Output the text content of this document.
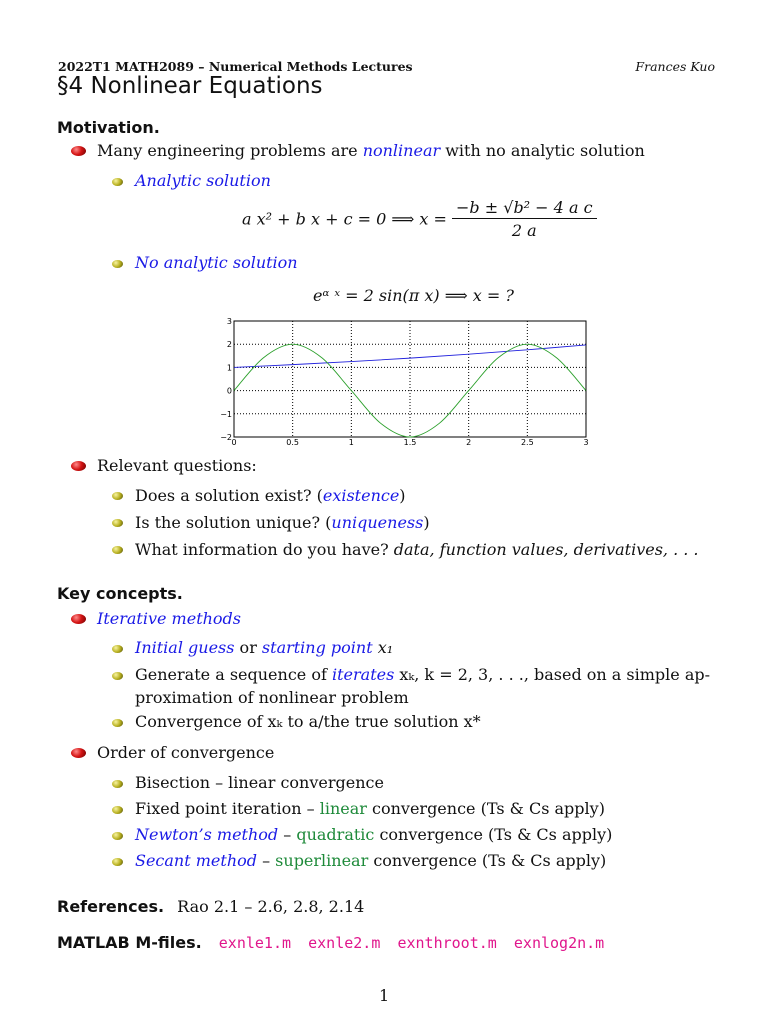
2022T1 MATH2089 – Numerical Methods Lectures	Frances Kuo
§4 Nonlinear Equations
Motivation.
Many engineering problems are nonlinear with no analytic solution
Analytic solution
a x² + b x + c = 0 ⟹ $x = \frac{\text{−b ± √b² − 4 a c}}{2 a}$
No analytic solution
eᵅ ˣ = 2 sin(π x) ⟹ x = ?
0	0.5	1	1.5	2	2.5	3
3
2
1
0
−1
−2
Relevant questions:
Does a solution exist? (existence)
Is the solution unique? (uniqueness)
What information do you have? data, function values, derivatives, . . .
Key concepts.
Iterative methods
Initial guess or starting point x₁
Generate a sequence of iterates xₖ, k = 2, 3, . . ., based on a simple ap-
proximation of nonlinear problem
Convergence of xₖ to a/the true solution x*
Order of convergence
Bisection – linear convergence
Fixed point iteration – linear convergence (Ts & Cs apply)
Newton’s method – quadratic convergence (Ts & Cs apply)
Secant method – superlinear convergence (Ts & Cs apply)
References. Rao 2.1 – 2.6, 2.8, 2.14
MATLAB M-files. exnle1.m exnle2.m exnthroot.m exnlog2n.m
1
